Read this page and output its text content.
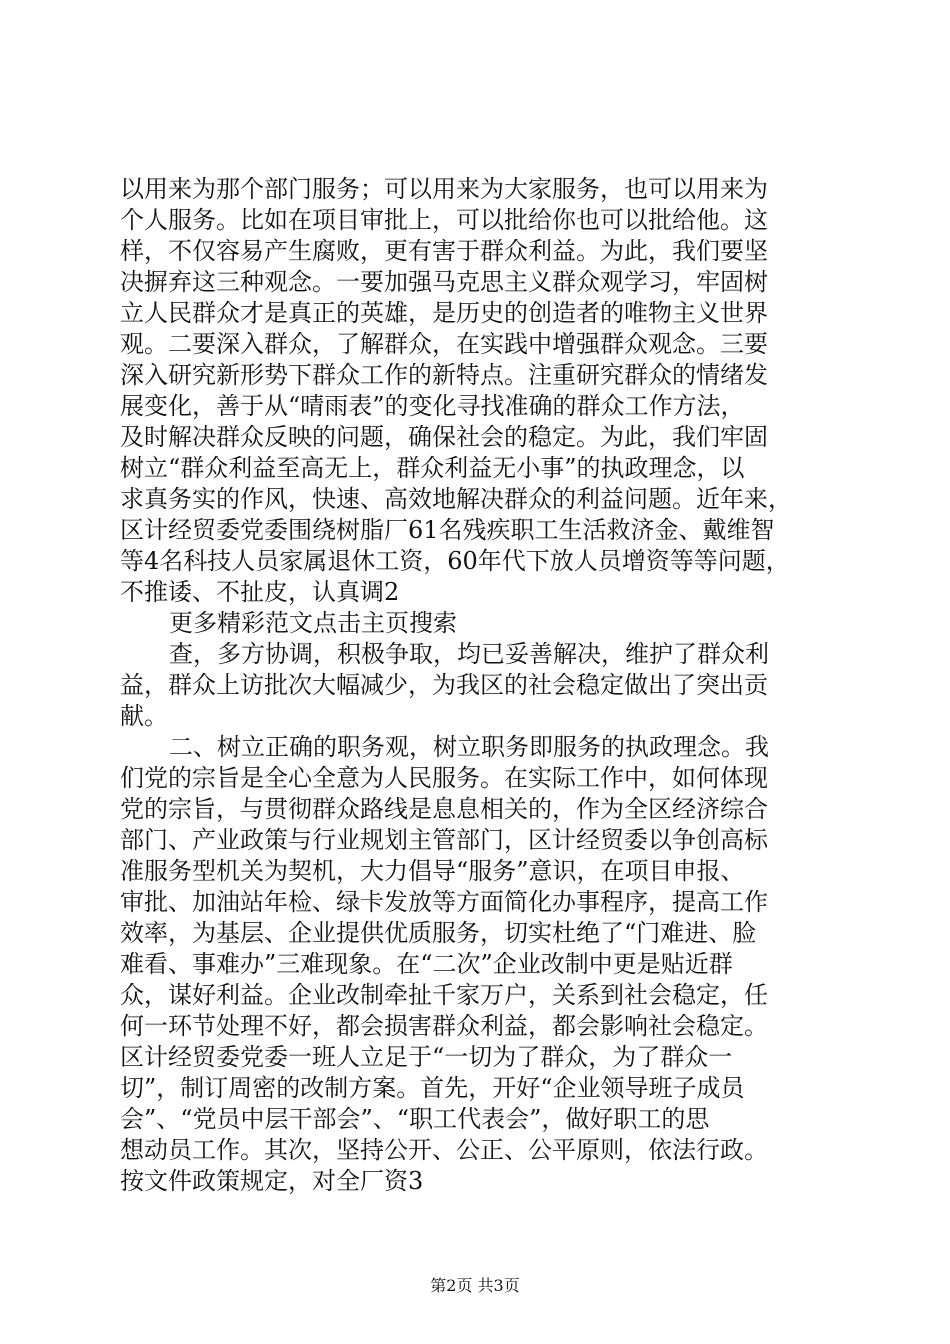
以用来为那个部门服务；可以用来为大家服务，也可以用来为
个人服务。比如在项目审批上，可以批给你也可以批给他。这
样，不仅容易产生腐败，更有害于群众利益。为此，我们要坚
决摒弃这三种观念。一要加强马克思主义群众观学习，牢固树
立人民群众才是真正的英雄，是历史的创造者的唯物主义世界
观。二要深入群众，了解群众，在实践中增强群众观念。三要
深入研究新形势下群众工作的新特点。注重研究群众的情绪发
展变化，善于从“晴雨表”的变化寻找准确的群众工作方法，
及时解决群众反映的问题，确保社会的稳定。为此，我们牢固
树立“群众利益至高无上，群众利益无小事”的执政理念，以
求真务实的作风，快速、高效地解决群众的利益问题。近年来，
区计经贸委党委围绕树脂厂61名残疾职工生活救济金、戴维智
等4名科技人员家属退休工资，60年代下放人员增资等等问题，
不推诿、不扯皮，认真调2
更多精彩范文点击主页搜索
查，多方协调，积极争取，均已妥善解决，维护了群众利
益，群众上访批次大幅减少，为我区的社会稳定做出了突出贡
献。
二、树立正确的职务观，树立职务即服务的执政理念。我
们党的宗旨是全心全意为人民服务。在实际工作中，如何体现
党的宗旨，与贯彻群众路线是息息相关的，作为全区经济综合
部门、产业政策与行业规划主管部门，区计经贸委以争创高标
准服务型机关为契机，大力倡导“服务”意识，在项目申报、
审批、加油站年检、绿卡发放等方面简化办事程序，提高工作
效率，为基层、企业提供优质服务，切实杜绝了“门难进、脸
难看、事难办”三难现象。在“二次”企业改制中更是贴近群
众，谋好利益。企业改制牵扯千家万户，关系到社会稳定，任
何一环节处理不好，都会损害群众利益，都会影响社会稳定。
区计经贸委党委一班人立足于“一切为了群众，为了群众一
切”，制订周密的改制方案。首先，开好“企业领导班子成员
会”、“党员中层干部会”、“职工代表会”，做好职工的思
想动员工作。其次，坚持公开、公正、公平原则，依法行政。
按文件政策规定，对全厂资3
第2页 共3页
